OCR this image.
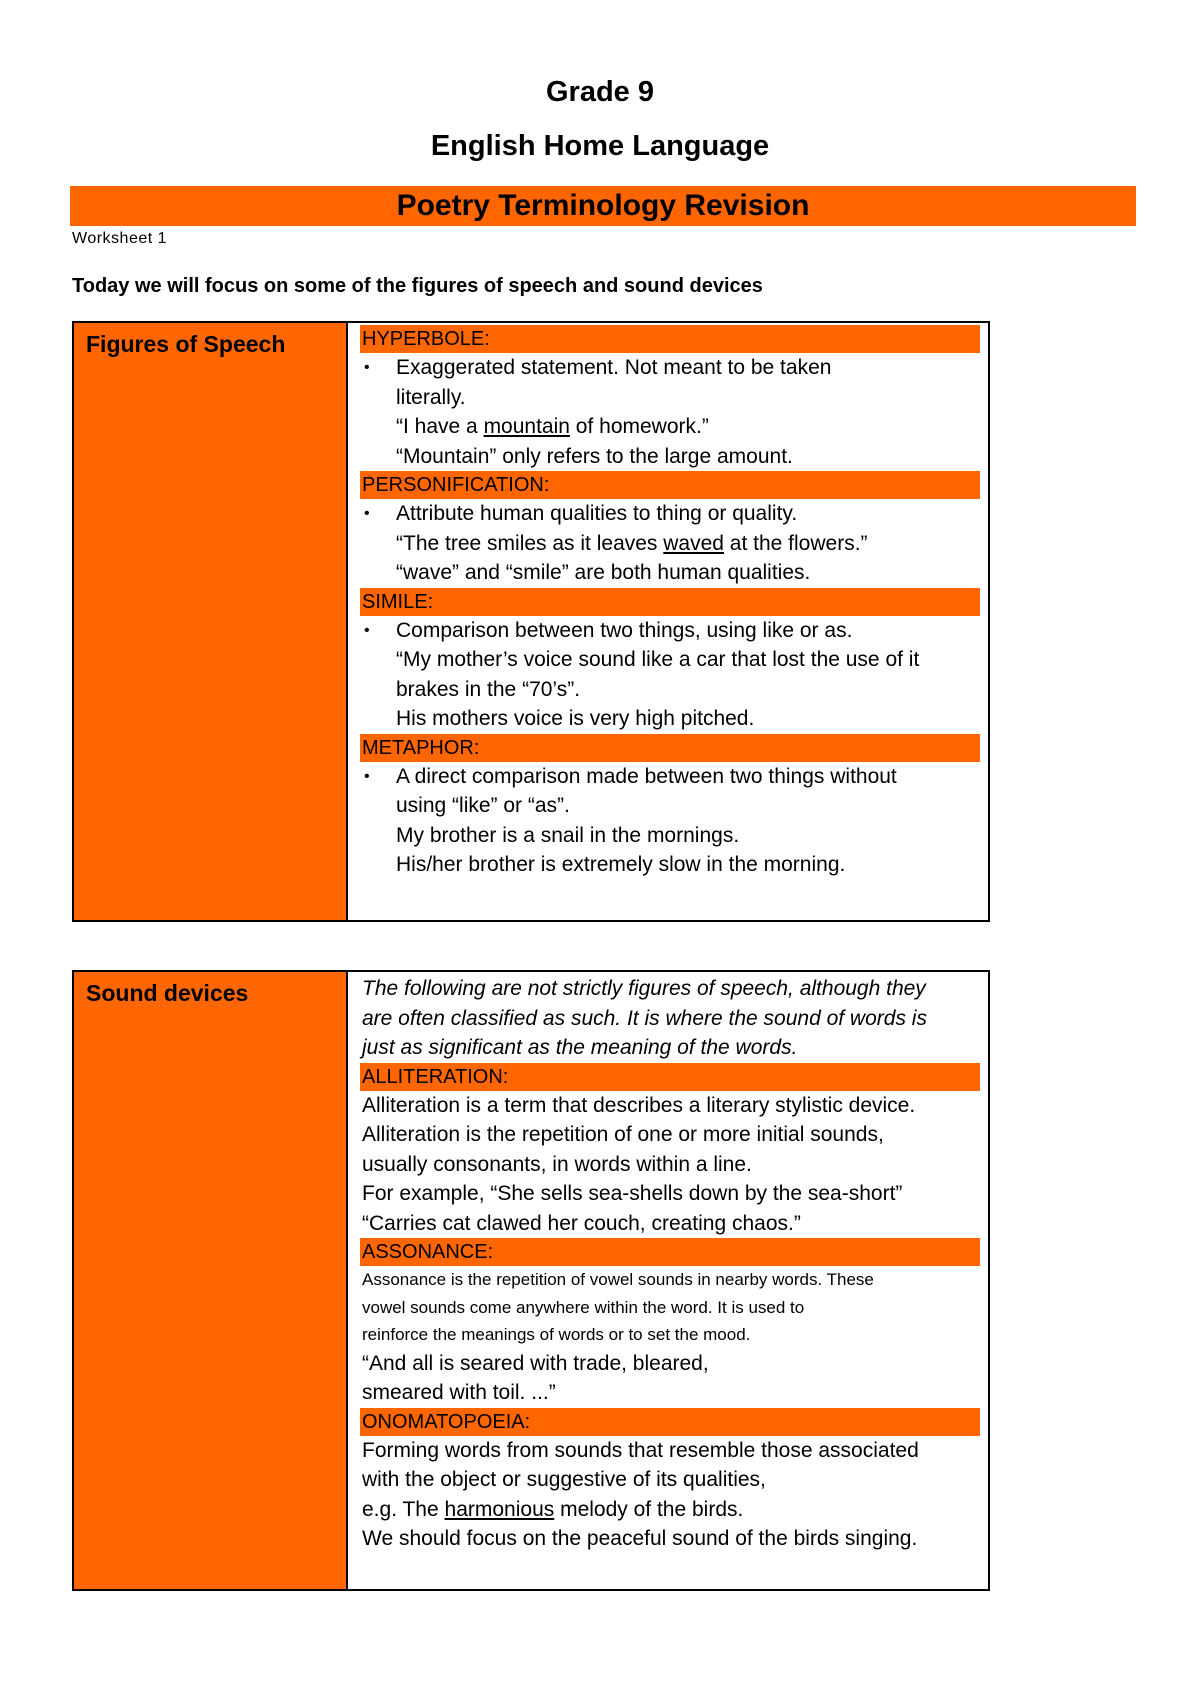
Grade 9
English Home Language
Poetry Terminology Revision
Worksheet 1
Today we will focus on some of the figures of speech and sound devices
Figures of Speech	HYPERBOLE:
• Exaggerated statement. Not meant to be taken
literally.
“I have a mountain of homework.”
“Mountain” only refers to the large amount.
PERSONIFICATION:
• Attribute human qualities to thing or quality.
“The tree smiles as it leaves waved at the flowers.”
“wave” and “smile” are both human qualities.
SIMILE:
• Comparison between two things, using like or as.
“My mother’s voice sound like a car that lost the use of it
brakes in the “70’s”.
His mothers voice is very high pitched.
METAPHOR:
• A direct comparison made between two things without
using “like” or “as”.
My brother is a snail in the mornings.
His/her brother is extremely slow in the morning.
Sound devices	The following are not strictly figures of speech, although they
are often classified as such. It is where the sound of words is
just as significant as the meaning of the words.
ALLITERATION:
Alliteration is a term that describes a literary stylistic device.
Alliteration is the repetition of one or more initial sounds,
usually consonants, in words within a line.
For example, “She sells sea-shells down by the sea-short”
“Carries cat clawed her couch, creating chaos.”
ASSONANCE:
Assonance is the repetition of vowel sounds in nearby words. These
vowel sounds come anywhere within the word. It is used to
reinforce the meanings of words or to set the mood.
“And all is seared with trade, bleared,
smeared with toil. ...”
ONOMATOPOEIA:
Forming words from sounds that resemble those associated
with the object or suggestive of its qualities,
e.g. The harmonious melody of the birds.
We should focus on the peaceful sound of the birds singing.
